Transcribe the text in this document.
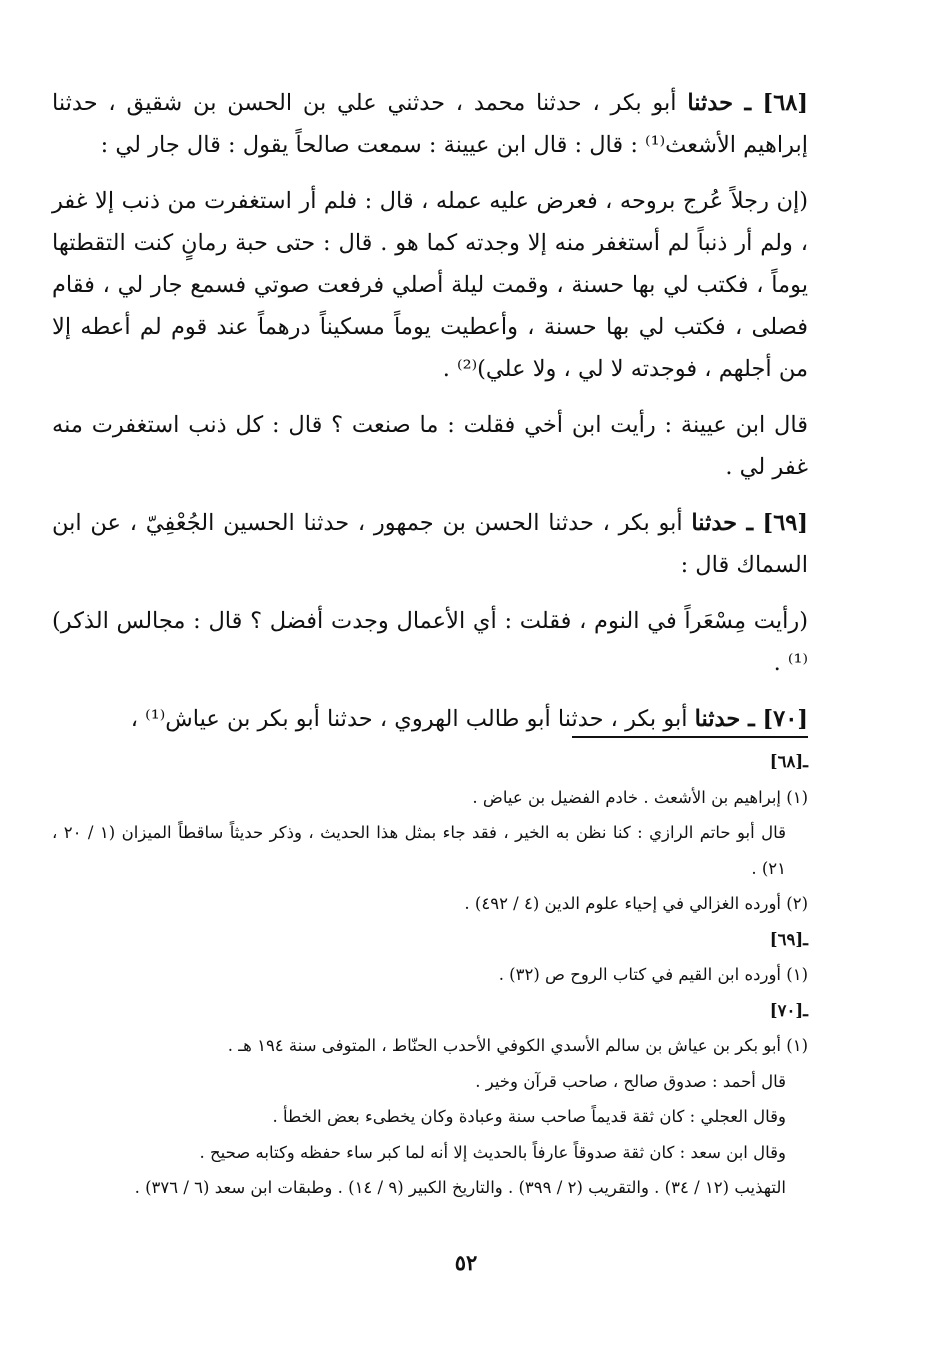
[٦٨] ـ حدثنا أبو بكر ، حدثنا محمد ، حدثني علي بن الحسن بن شقيق ، حدثنا إبراهيم الأشعث⁽¹⁾ : قال : قال ابن عيينة : سمعت صالحاً يقول : قال جار لي :

(إن رجلاً عُرج بروحه ، فعرض عليه عمله ، قال : فلم أر استغفرت من ذنب إلا غفر ، ولم أر ذنباً لم أستغفر منه إلا وجدته كما هو . قال : حتى حبة رمانٍ كنت التقطتها يوماً ، فكتب لي بها حسنة ، وقمت ليلة أصلي فرفعت صوتي فسمع جار لي ، فقام فصلى ، فكتب لي بها حسنة ، وأعطيت يوماً مسكيناً درهماً عند قوم لم أعطه إلا من أجلهم ، فوجدته لا لي ، ولا علي)⁽²⁾ .

قال ابن عيينة : رأيت ابن أخي فقلت : ما صنعت ؟ قال : كل ذنب استغفرت منه غفر لي .

[٦٩] ـ حدثنا أبو بكر ، حدثنا الحسن بن جمهور ، حدثنا الحسين الجُعْفِيّ ، عن ابن السماك قال :

(رأيت مِسْعَراً في النوم ، فقلت : أي الأعمال وجدت أفضل ؟ قال : مجالس الذكر)⁽¹⁾ .

[٧٠] ـ حدثنا أبو بكر ، حدثنا أبو طالب الهروي ، حدثنا أبو بكر بن عياش⁽¹⁾ ،

ـ[٦٨]

(١) إبراهيم بن الأشعث . خادم الفضيل بن عياض .

قال أبو حاتم الرازي : كنا نظن به الخير ، فقد جاء بمثل هذا الحديث ، وذكر حديثاً ساقطاً الميزان (١ / ٢٠ ، ٢١) .

(٢) أورده الغزالي في إحياء علوم الدين (٤ / ٤٩٢) .

ـ[٦٩]

(١) أورده ابن القيم في كتاب الروح ص (٣٢) .

ـ[٧٠]

(١) أبو بكر بن عياش بن سالم الأسدي الكوفي الأحدب الحنّاط ، المتوفى سنة ١٩٤ هـ .

قال أحمد : صدوق صالح ، صاحب قرآن وخير .

وقال العجلي : كان ثقة قديماً صاحب سنة وعبادة وكان يخطىء بعض الخطأ .

وقال ابن سعد : كان ثقة صدوقاً عارفاً بالحديث إلا أنه لما كبر ساء حفظه وكتابه صحيح .

التهذيب (١٢ / ٣٤) . والتقريب (٢ / ٣٩٩) . والتاريخ الكبير (٩ / ١٤) . وطبقات ابن سعد (٦ / ٣٧٦) .

٥٢
